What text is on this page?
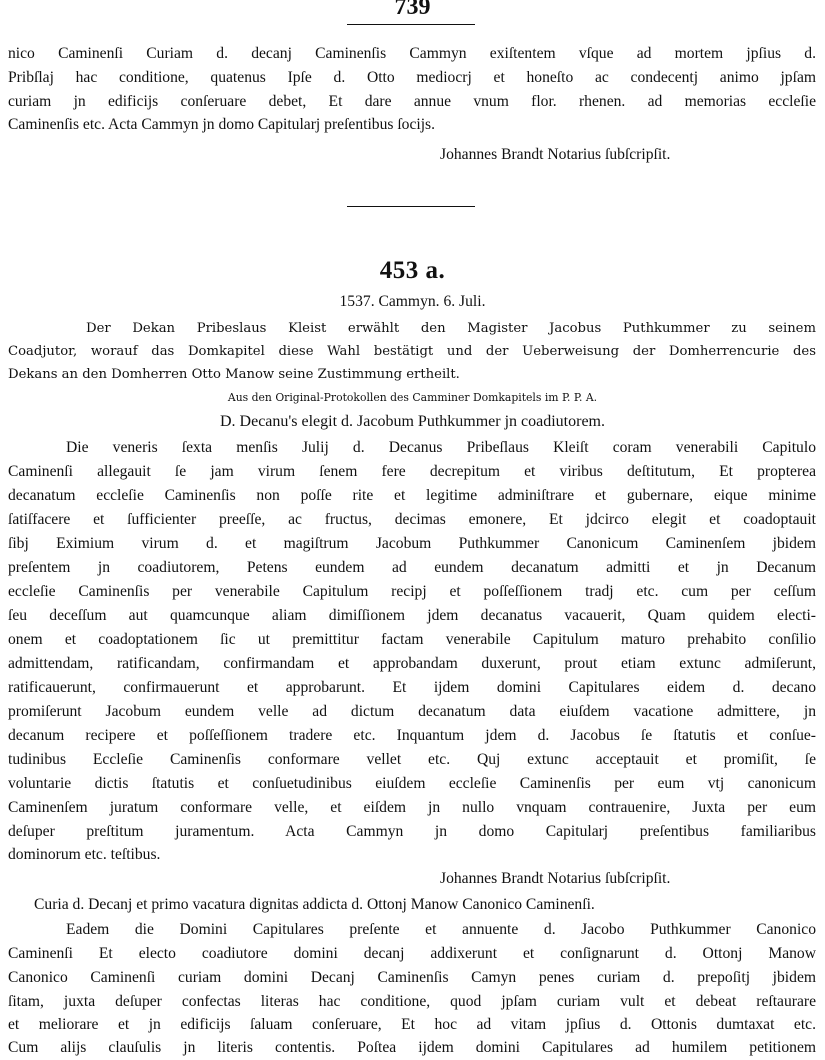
739
nico Caminenſi Curiam d. decanj Caminenſis Cammyn exiſtentem vſque ad mortem jpſius d.
Pribſlaj hac conditione, quatenus Ipſe d. Otto mediocrj et honeſto ac condecentj animo jpſam
curiam jn edificijs conſeruare debet, Et dare annue vnum flor. rhenen. ad memorias eccleſie
Caminenſis etc. Acta Cammyn jn domo Capitularj preſentibus ſocijs.
Johannes Brandt Notarius ſubſcripſit.
453 a.
1537. Cammyn. 6. Juli.
Der Dekan Pribeslaus Kleist erwählt den Magister Jacobus Puthkummer zu seinem
Coadjutor, worauf das Domkapitel diese Wahl bestätigt und der Ueberweisung der Domherrencurie des
Dekans an den Domherren Otto Manow seine Zustimmung ertheilt.
Aus den Original-Protokollen des Camminer Domkapitels im P. P. A.
D. Decanu's elegit d. Jacobum Puthkummer jn coadiutorem.
Die veneris ſexta menſis Julij d. Decanus Pribeſlaus Kleiſt coram venerabili Capitulo
Caminenſi allegauit ſe jam virum ſenem fere decrepitum et viribus deſtitutum, Et propterea
decanatum eccleſie Caminenſis non poſſe rite et legitime adminiſtrare et gubernare, eique minime
ſatiſfacere et ſufficienter preeſſe, ac fructus, decimas emonere, Et jdcirco elegit et coadoptauit
ſibj Eximium virum d. et magiſtrum Jacobum Puthkummer Canonicum Caminenſem jbidem
preſentem jn coadiutorem, Petens eundem ad eundem decanatum admitti et jn Decanum
eccleſie Caminenſis per venerabile Capitulum recipj et poſſeſſionem tradj etc. cum per ceſſum
ſeu deceſſum aut quamcunque aliam dimiſſionem jdem decanatus vacauerit, Quam quidem electi-
onem et coadoptationem ſic ut premittitur factam venerabile Capitulum maturo prehabito conſilio
admittendam, ratificandam, confirmandam et approbandam duxerunt, prout etiam extunc admiſerunt,
ratificauerunt, confirmauerunt et approbarunt. Et ijdem domini Capitulares eidem d. decano
promiſerunt Jacobum eundem velle ad dictum decanatum data eiuſdem vacatione admittere, jn
decanum recipere et poſſeſſionem tradere etc. Inquantum jdem d. Jacobus ſe ſtatutis et conſue-
tudinibus Eccleſie Caminenſis conformare vellet etc. Quj extunc acceptauit et promiſit, ſe
voluntarie dictis ſtatutis et conſuetudinibus eiuſdem eccleſie Caminenſis per eum vtj canonicum
Caminenſem juratum conformare velle, et eiſdem jn nullo vnquam contrauenire, Juxta per eum
deſuper preſtitum juramentum. Acta Cammyn jn domo Capitularj preſentibus familiaribus
dominorum etc. teſtibus.
Johannes Brandt Notarius ſubſcripſit.
Curia d. Decanj et primo vacatura dignitas addicta d. Ottonj Manow Canonico Caminenſi.
Eadem die Domini Capitulares preſente et annuente d. Jacobo Puthkummer Canonico
Caminenſi Et electo coadiutore domini decanj addixerunt et conſignarunt d. Ottonj Manow
Canonico Caminenſi curiam domini Decanj Caminenſis Camyn penes curiam d. prepoſitj jbidem
ſitam, juxta deſuper confectas literas hac conditione, quod jpſam curiam vult et debeat reſtaurare
et meliorare et jn edificijs ſaluam conſeruare, Et hoc ad vitam jpſius d. Ottonis dumtaxat etc.
Cum alijs clauſulis jn literis contentis. Poſtea ijdem domini Capitulares ad humilem petitionem
